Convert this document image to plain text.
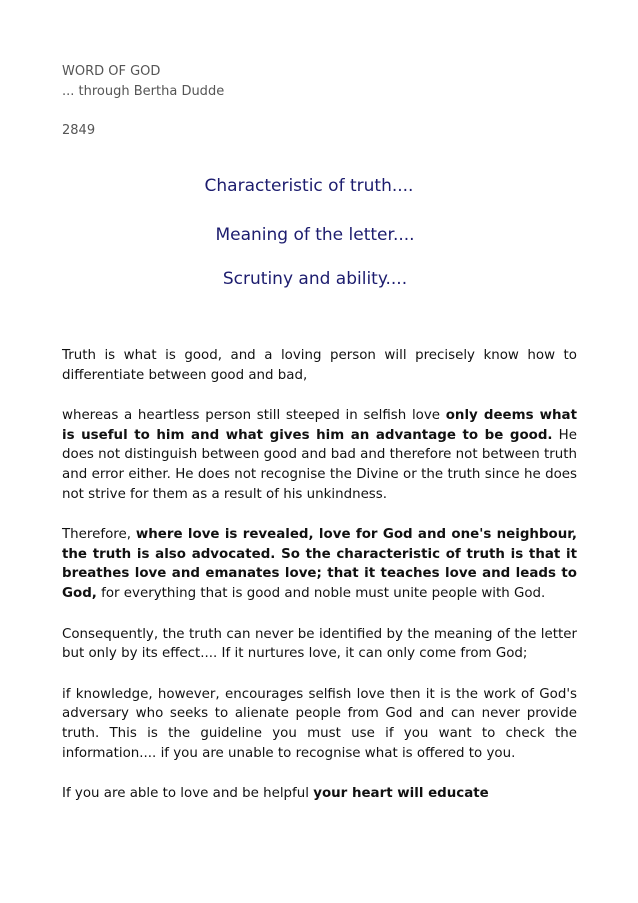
WORD OF GOD
... through Bertha Dudde
2849
Characteristic of truth....
Meaning of the letter....
Scrutiny and ability....

Truth is what is good, and a loving person will precisely know how to differentiate between good and bad,

whereas a heartless person still steeped in selfish love only deems what is useful to him and what gives him an advantage to be good. He does not distinguish between good and bad and therefore not between truth and error either. He does not recognise the Divine or the truth since he does not strive for them as a result of his unkindness.

Therefore, where love is revealed, love for God and one's neighbour, the truth is also advocated. So the characteristic of truth is that it breathes love and emanates love; that it teaches love and leads to God, for everything that is good and noble must unite people with God.

Consequently, the truth can never be identified by the meaning of the letter but only by its effect.... If it nurtures love, it can only come from God;

if knowledge, however, encourages selfish love then it is the work of God's adversary who seeks to alienate people from God and can never provide truth. This is the guideline you must use if you want to check the information.... if you are unable to recognise what is offered to you.

If you are able to love and be helpful your heart will educate
